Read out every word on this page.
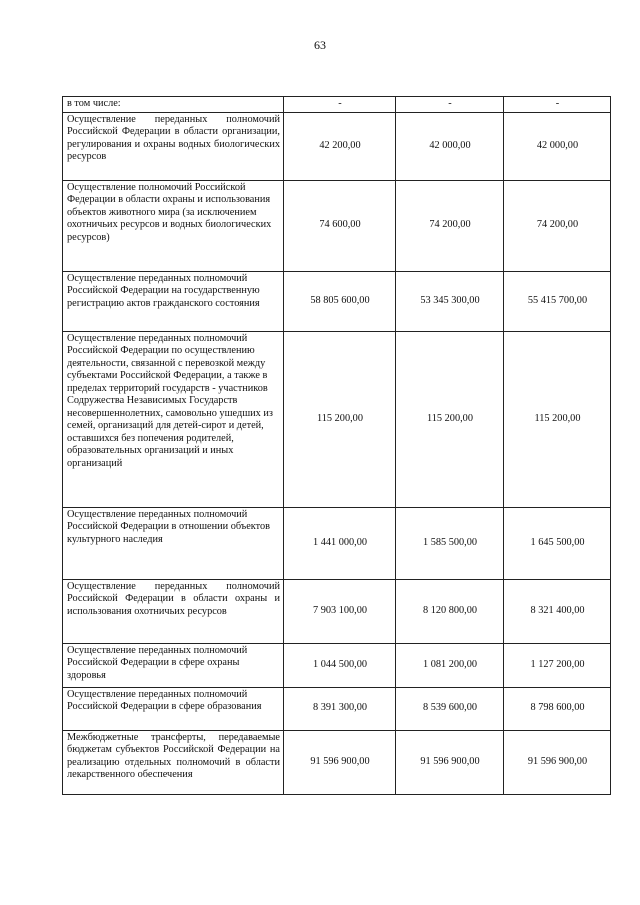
63
в том числе:	-	-	-
Осуществление переданных полномочий Российской Федерации в области организации, регулирования и охраны водных биологических ресурсов	42 200,00	42 000,00	42 000,00
Осуществление полномочий Российской Федерации в области охраны и использования объектов животного мира (за исключением охотничьих ресурсов и водных биологических ресурсов)	74 600,00	74 200,00	74 200,00
Осуществление переданных полномочий Российской Федерации на государственную регистрацию актов гражданского состояния	58 805 600,00	53 345 300,00	55 415 700,00
Осуществление переданных полномочий Российской Федерации по осуществлению деятельности, связанной с перевозкой между субъектами Российской Федерации, а также в пределах территорий государств - участников Содружества Независимых Государств несовершеннолетних, самовольно ушедших из семей, организаций для детей-сирот и детей, оставшихся без попечения родителей, образовательных организаций и иных организаций	115 200,00	115 200,00	115 200,00
Осуществление переданных полномочий Российской Федерации в отношении объектов культурного наследия	1 441 000,00	1 585 500,00	1 645 500,00
Осуществление переданных полномочий Российской Федерации в области охраны и использования охотничьих ресурсов	7 903 100,00	8 120 800,00	8 321 400,00
Осуществление переданных полномочий Российской Федерации в сфере охраны здоровья	1 044 500,00	1 081 200,00	1 127 200,00
Осуществление переданных полномочий Российской Федерации в сфере образования	8 391 300,00	8 539 600,00	8 798 600,00
Межбюджетные трансферты, передаваемые бюджетам субъектов Российской Федерации на реализацию отдельных полномочий в области лекарственного обеспечения	91 596 900,00	91 596 900,00	91 596 900,00
